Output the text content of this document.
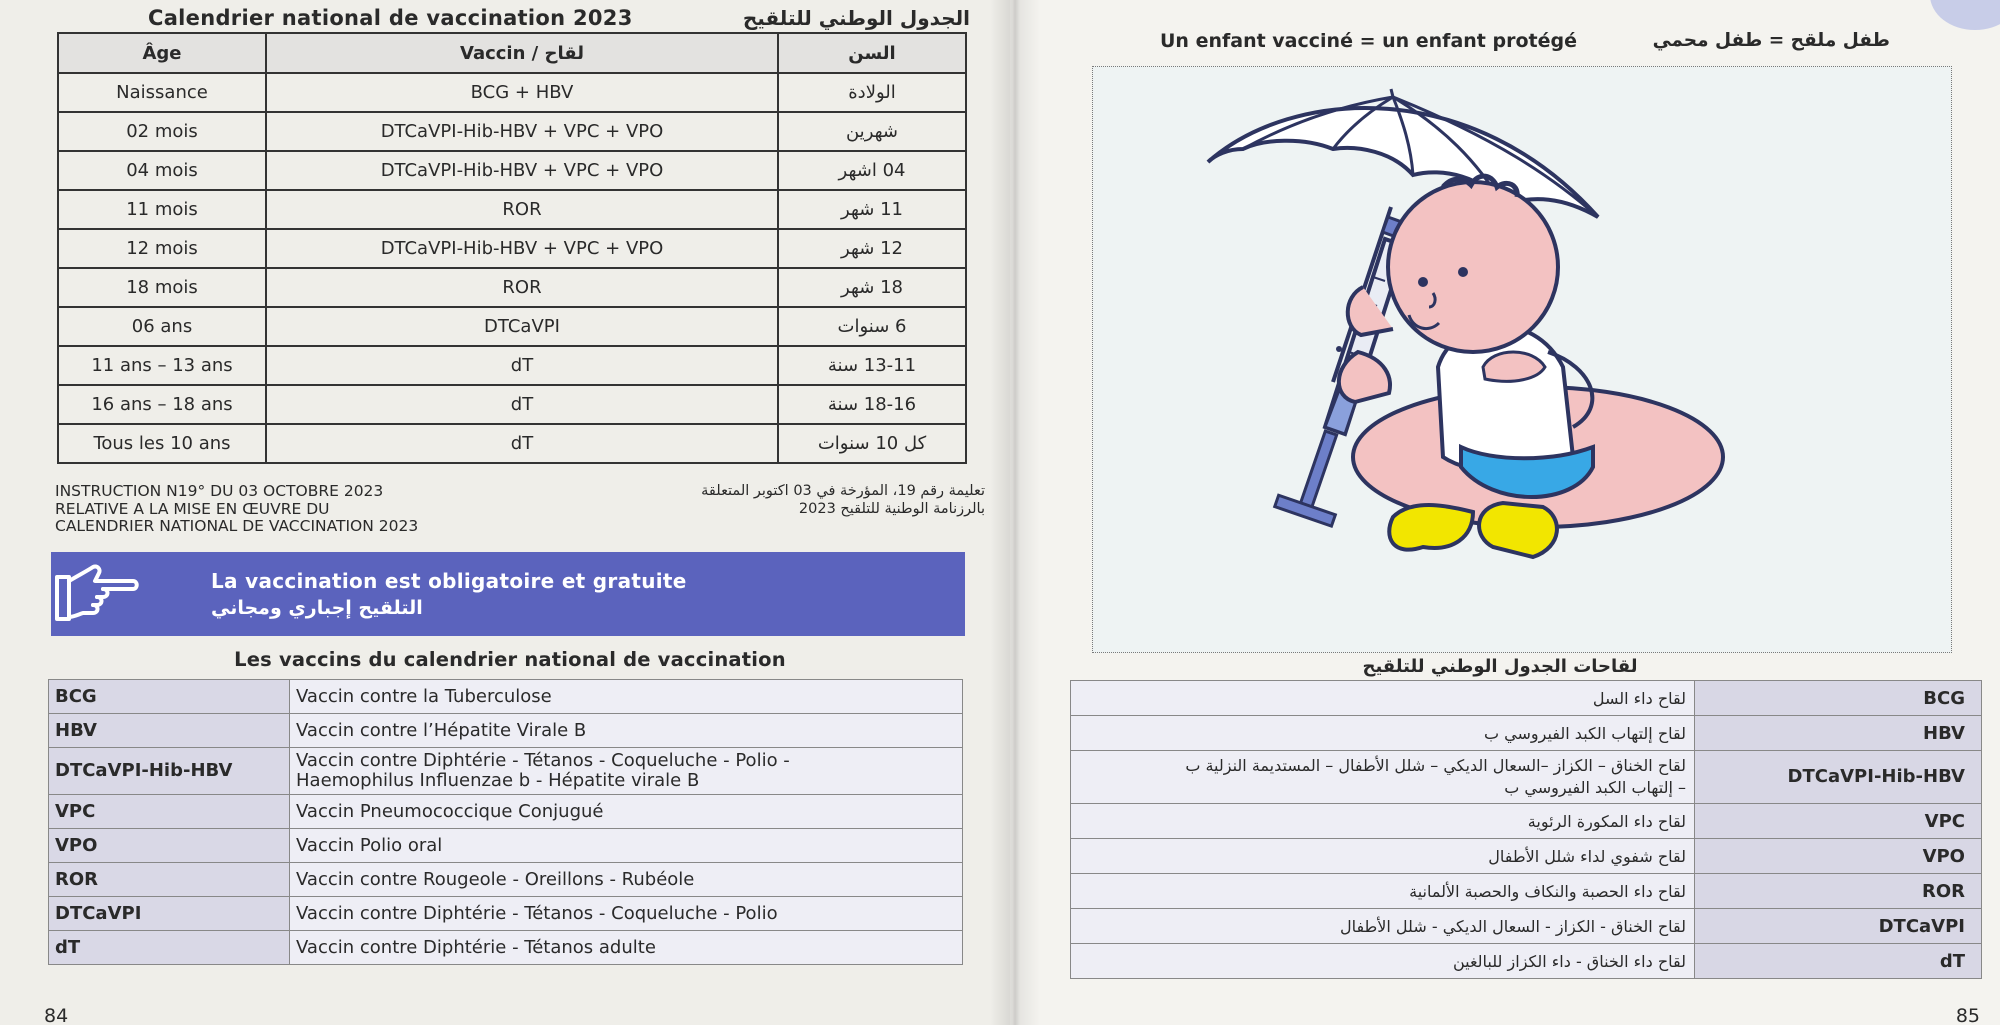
Calendrier national de vaccination 2023	الجدول الوطني للتلقيح
Âge	Vaccin / لقاح	السن
Naissance	BCG + HBV	الولادة
02 mois	DTCaVPI-Hib-HBV + VPC + VPO	شهرين
04 mois	DTCaVPI-Hib-HBV + VPC + VPO	04 اشهر
11 mois	ROR	11 شهر
12 mois	DTCaVPI-Hib-HBV + VPC + VPO	12 شهر
18 mois	ROR	18 شهر
06 ans	DTCaVPI	6 سنوات
11 ans – 13 ans	dT	13-11 سنة
16 ans – 18 ans	dT	18-16 سنة
Tous les 10 ans	dT	كل 10 سنوات
INSTRUCTION N19° DU 03 OCTOBRE 2023
RELATIVE A LA MISE EN ŒUVRE DU
CALENDRIER NATIONAL DE VACCINATION 2023
تعليمة رقم 19، المؤرخة في 03 اكتوبر المتعلقة
بالرزنامة الوطنية للتلقيح 2023
La vaccination est obligatoire et gratuite
التلقيح إجباري ومجاني
Les vaccins du calendrier national de vaccination
BCG	Vaccin contre la Tuberculose
HBV	Vaccin contre l’Hépatite Virale B
DTCaVPI-Hib-HBV	Vaccin contre Diphtérie - Tétanos - Coqueluche - Polio -
Haemophilus Influenzae b - Hépatite virale B

VPC	Vaccin Pneumococcique Conjugué
VPO	Vaccin Polio oral
ROR	Vaccin contre Rougeole - Oreillons - Rubéole
DTCaVPI	Vaccin contre Diphtérie - Tétanos - Coqueluche - Polio
dT	Vaccin contre Diphtérie - Tétanos adulte
84
Un enfant vacciné = un enfant protégé	طفل ملقح = طفل محمي
لقاحات الجدول الوطني للتلقيح
لقاح داء السل	BCG
لقاح إلتهاب الكبد الفيروسي ب	HBV

لقاح الخناق – الكزاز –السعال الديكي – شلل الأطفال – المستديمة النزلية ب
– إلتهاب الكبد الفيروسي ب	DTCaVPI-Hib-HBV
لقاح داء المكورة الرئوية	VPC
لقاح شفوي لداء شلل الأطفال	VPO
لقاح داء الحصبة والنكاف والحصبة الألمانية	ROR
لقاح الخناق - الكزاز - السعال الديكي - شلل الأطفال	DTCaVPI
لقاح داء الخناق - داء الكزاز للبالغين	dT
85
